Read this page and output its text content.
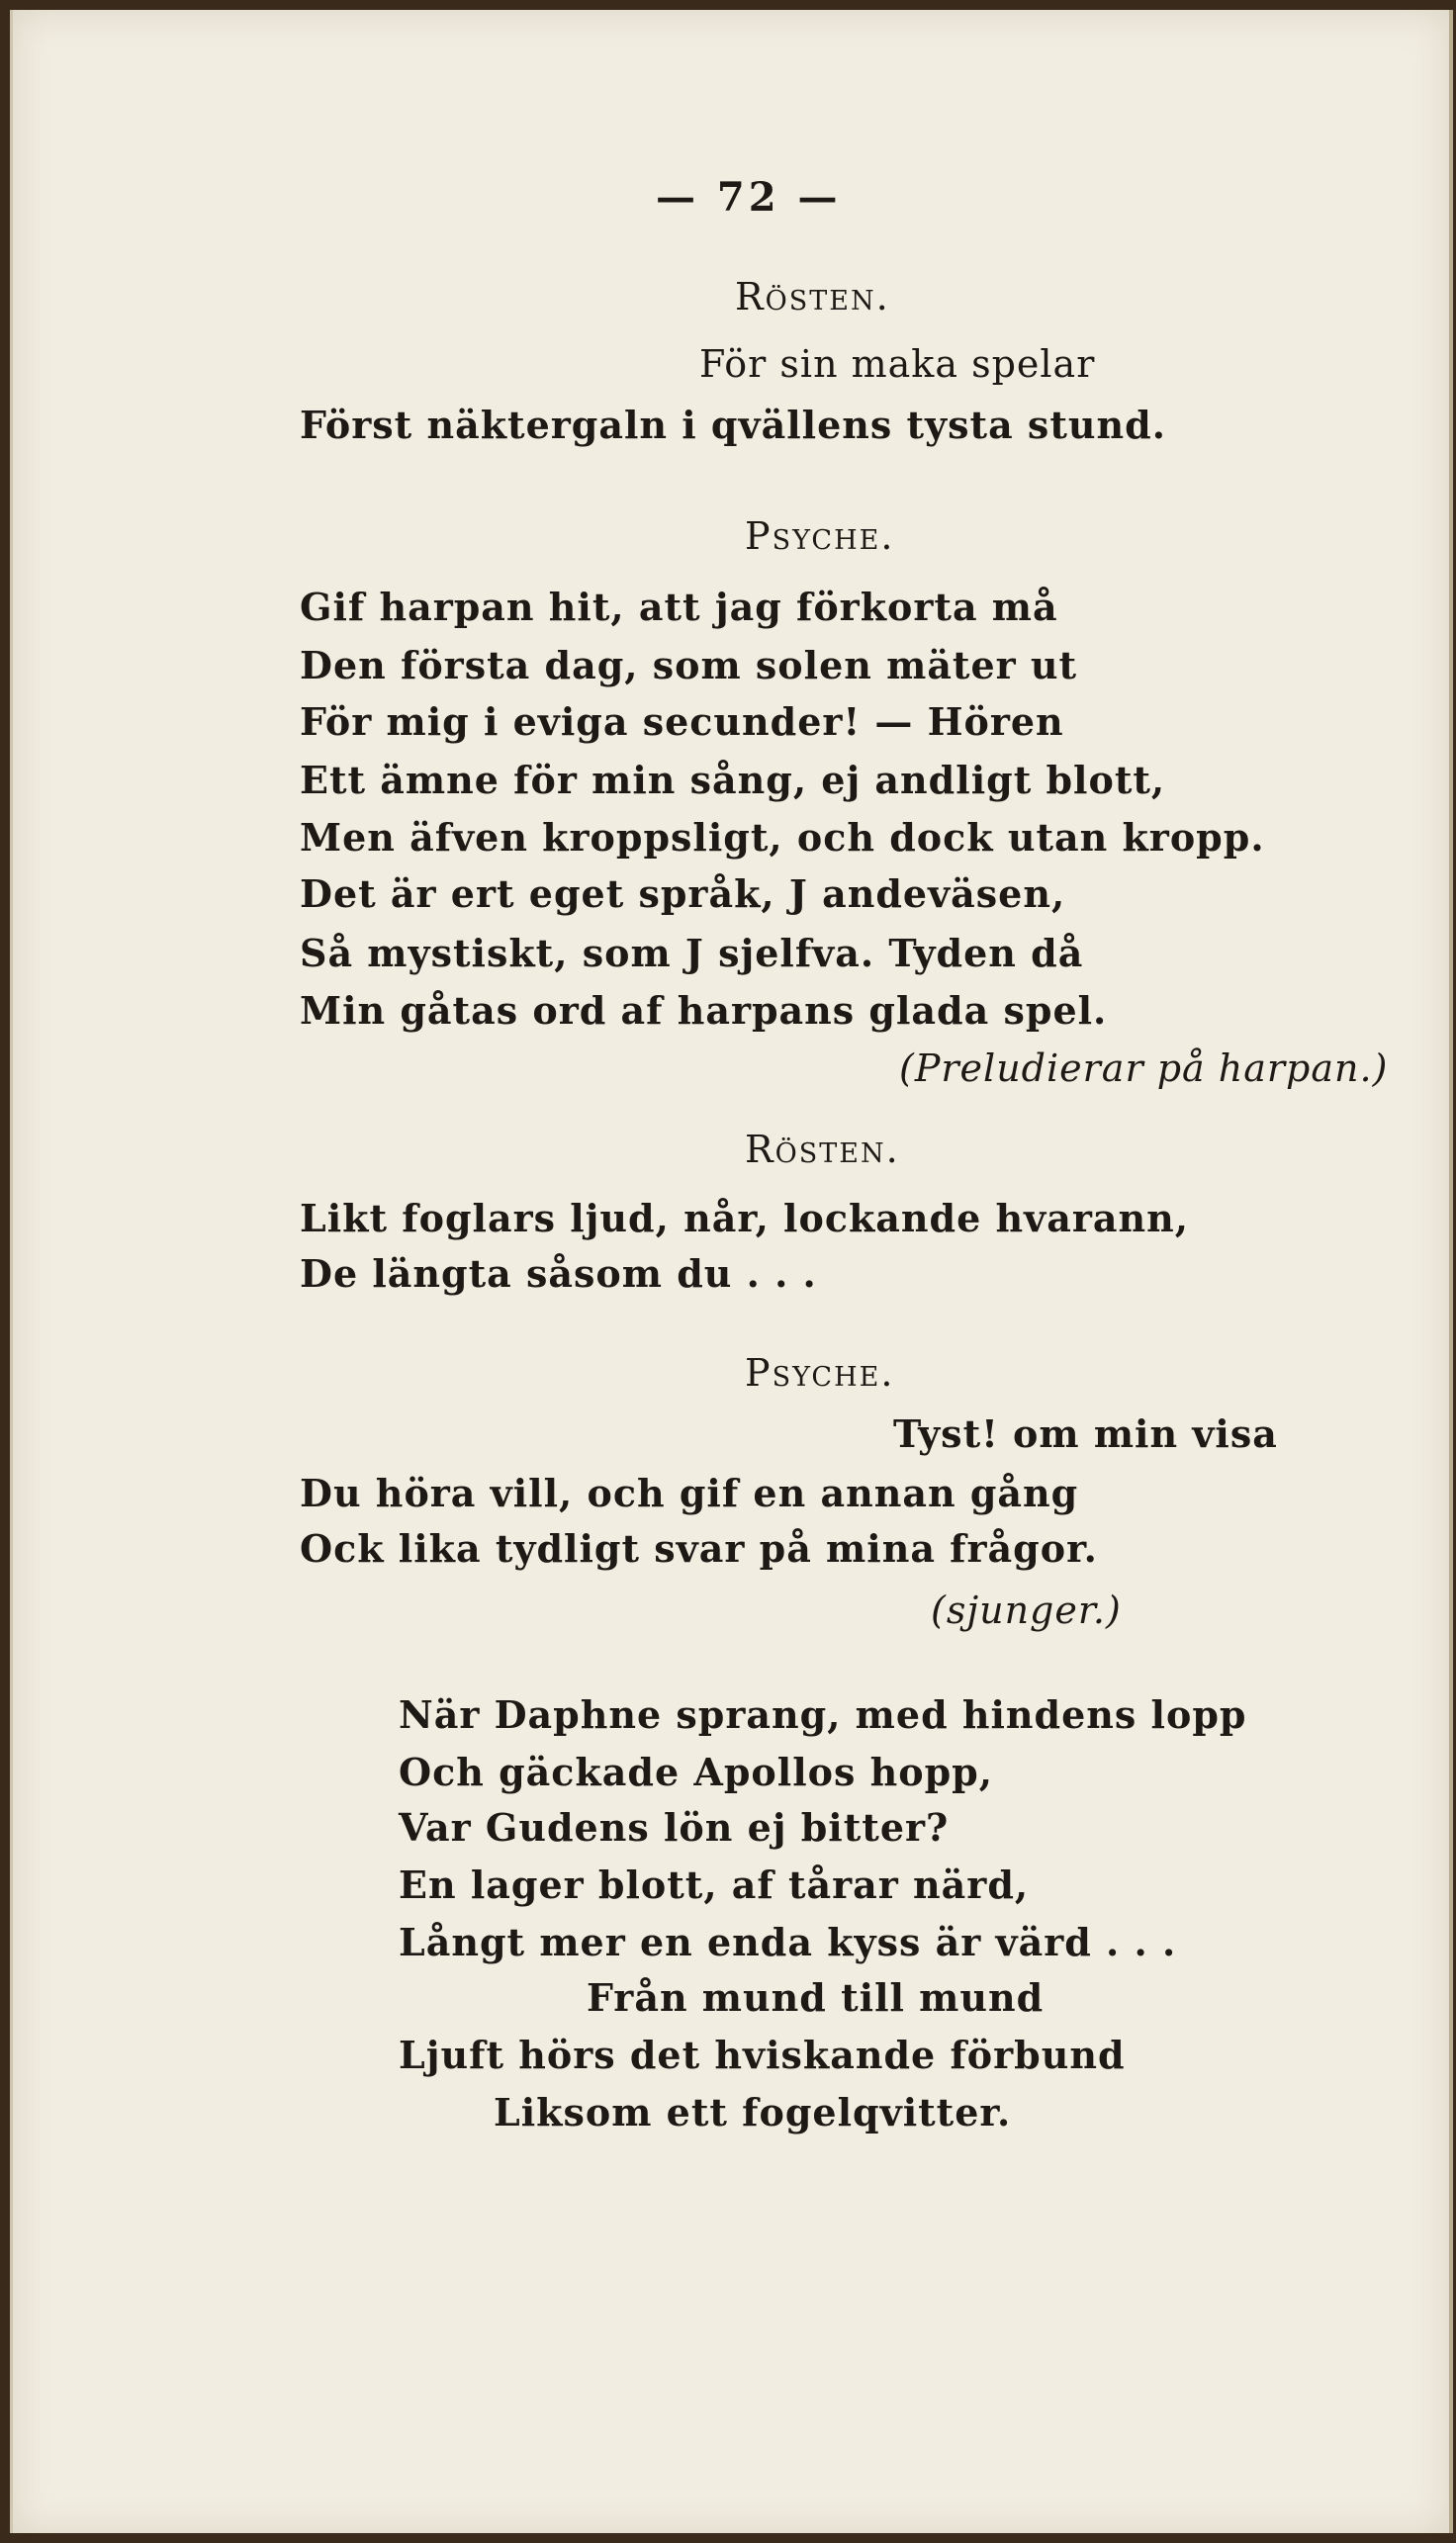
— 72 —
Rösten.
För sin maka spelar
Först näktergaln i qvällens tysta stund.
Psyche.
Gif harpan hit, att jag förkorta må
Den första dag, som solen mäter ut
För mig i eviga secunder! — Hören
Ett ämne för min sång, ej andligt blott,
Men äfven kroppsligt, och dock utan kropp.
Det är ert eget språk, J andeväsen,
Så mystiskt, som J sjelfva. Tyden då
Min gåtas ord af harpans glada spel.
(Preludierar på harpan.)
Rösten.
Likt foglars ljud, når, lockande hvarann,
De längta såsom du . . .
Psyche.
Tyst! om min visa
Du höra vill, och gif en annan gång
Ock lika tydligt svar på mina frågor.
(sjunger.)
När Daphne sprang, med hindens lopp
Och gäckade Apollos hopp,
Var Gudens lön ej bitter?
En lager blott, af tårar närd,
Långt mer en enda kyss är värd . . .
Från mund till mund
Ljuft hörs det hviskande förbund
Liksom ett fogelqvitter.
